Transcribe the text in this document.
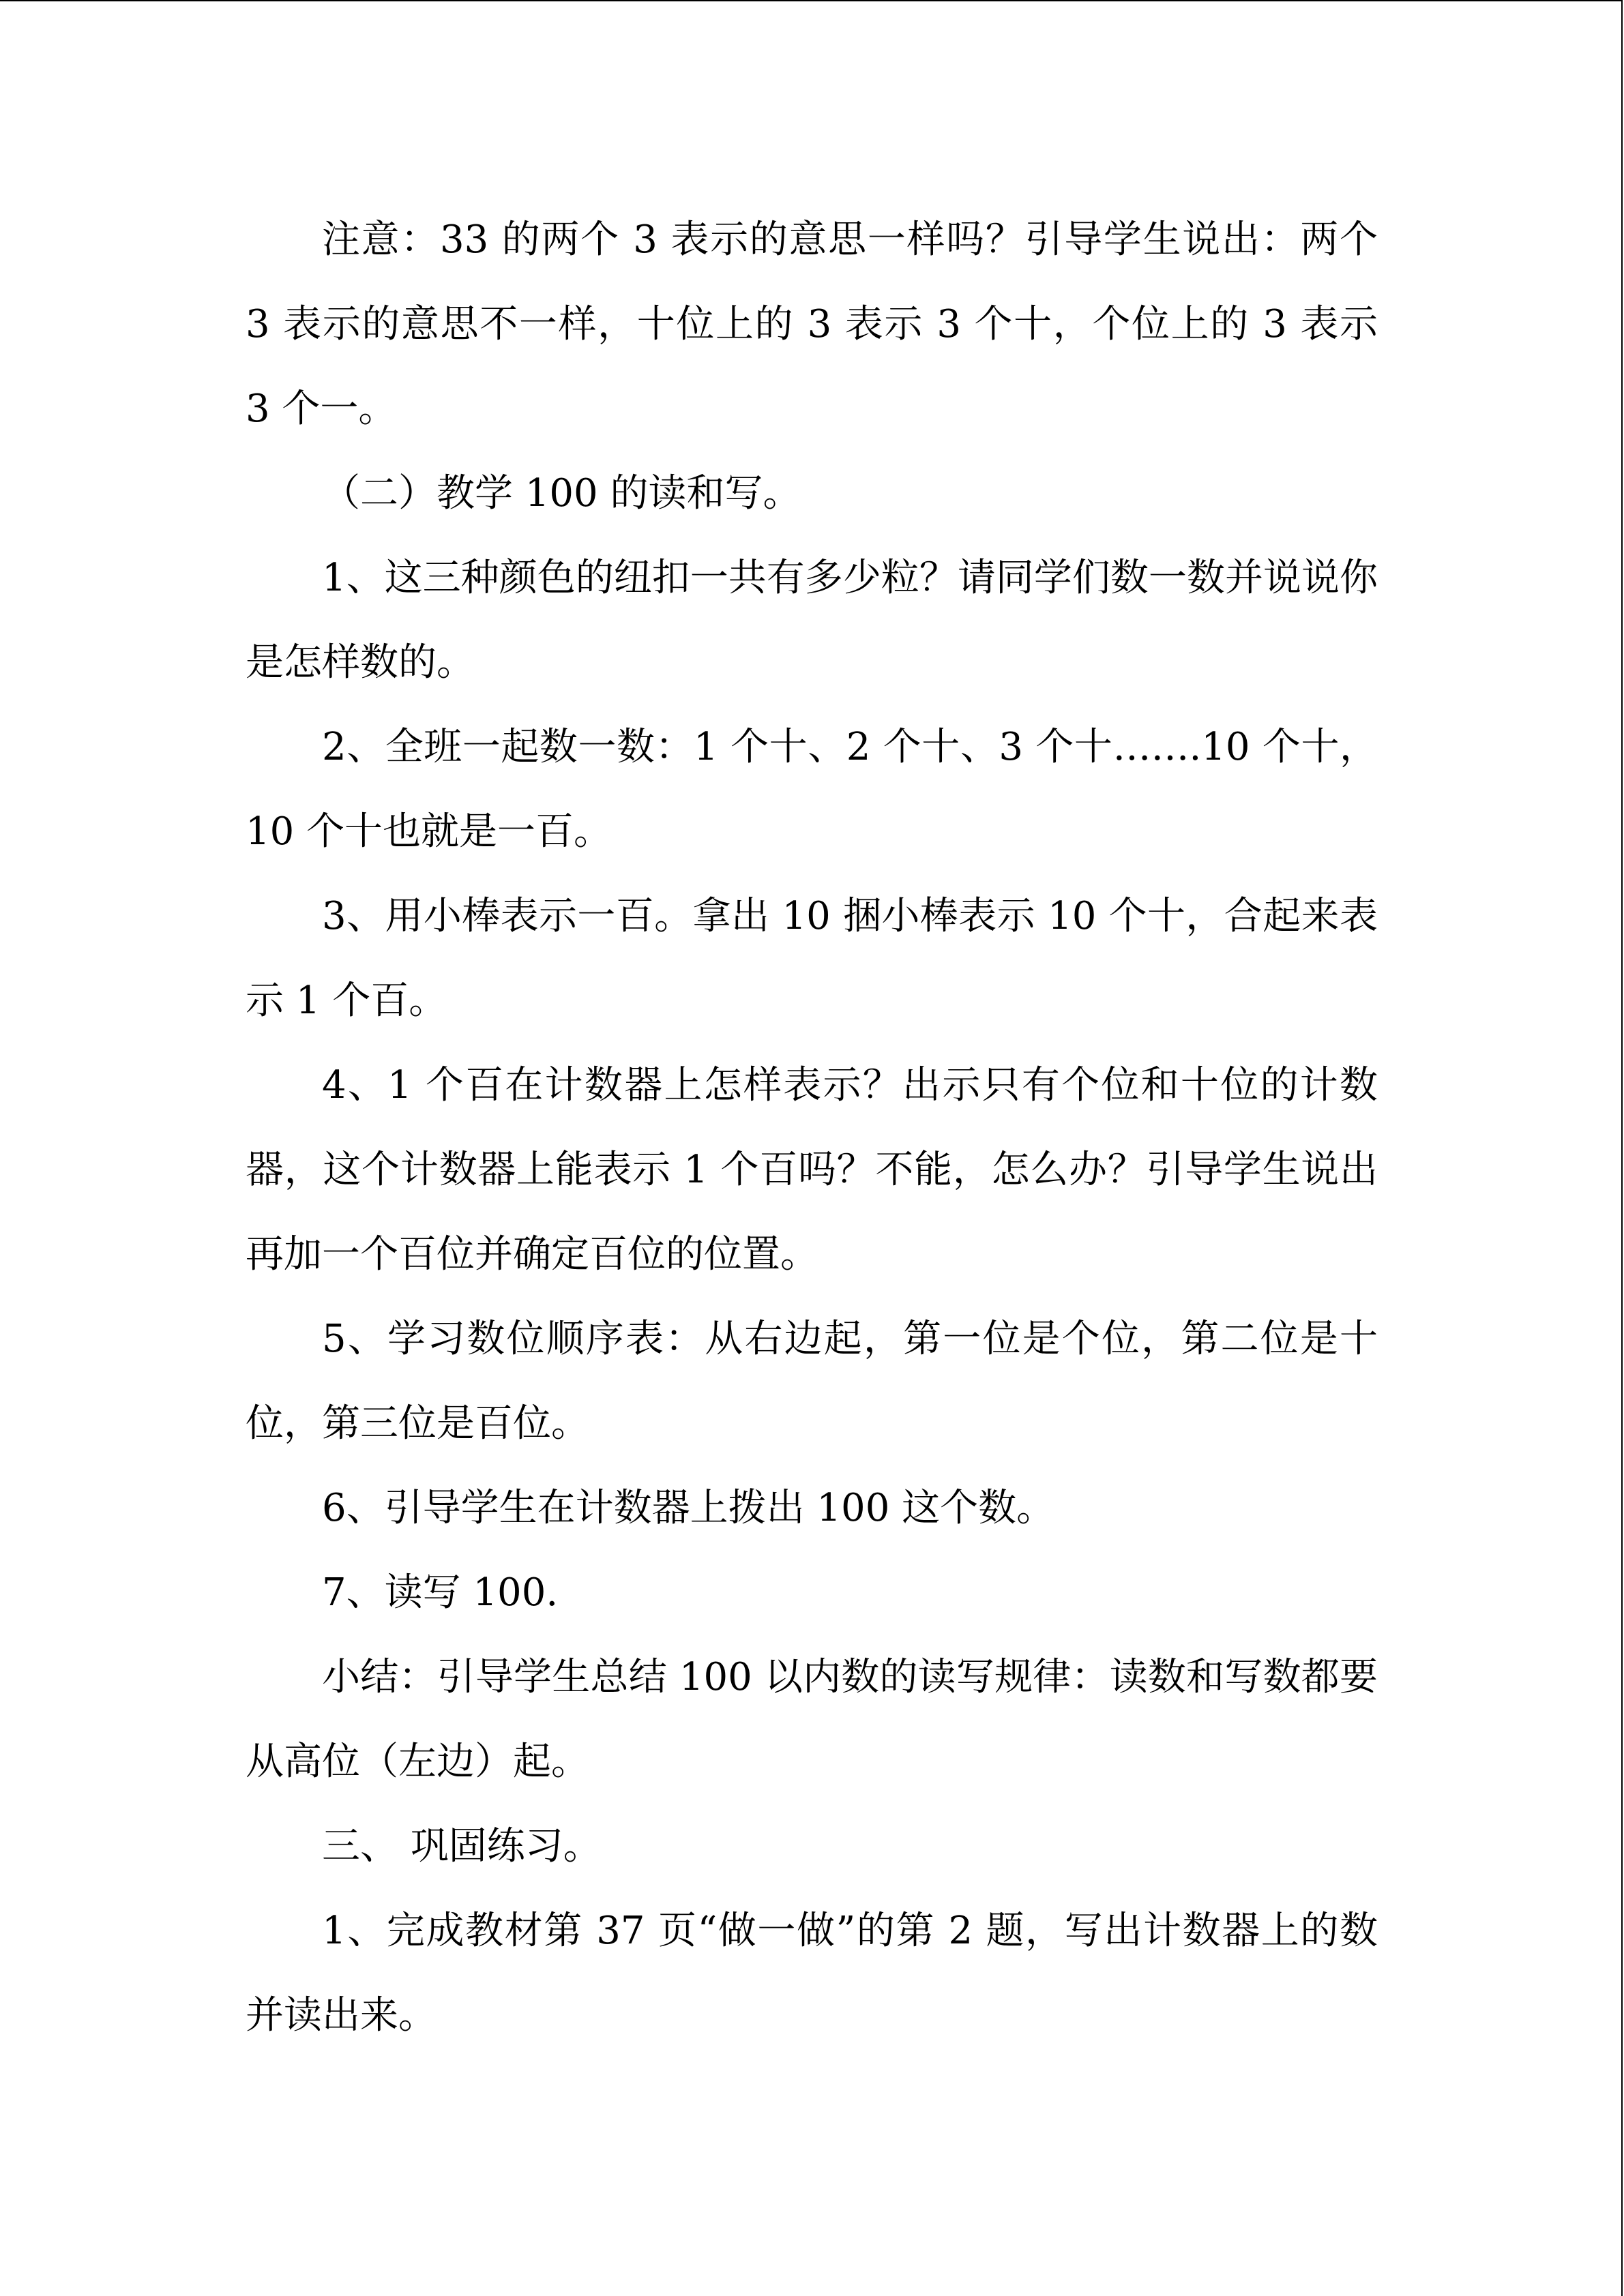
注意：33 的两个 3 表示的意思一样吗？引导学生说出：两个 3 表示的意思不一样，十位上的 3 表示 3 个十，个位上的 3 表示 3 个一。

（二）教学 100 的读和写。

1、这三种颜色的纽扣一共有多少粒？请同学们数一数并说说你是怎样数的。

2、全班一起数一数：1 个十、2 个十、3 个十…….10 个十，10 个十也就是一百。

3、用小棒表示一百。拿出 10 捆小棒表示 10 个十，合起来表示 1 个百。

4、1 个百在计数器上怎样表示？出示只有个位和十位的计数器，这个计数器上能表示 1 个百吗？不能，怎么办？引导学生说出再加一个百位并确定百位的位置。

5、学习数位顺序表：从右边起，第一位是个位，第二位是十位，第三位是百位。

6、引导学生在计数器上拨出 100 这个数。

7、读写 100.

小结：引导学生总结 100 以内数的读写规律：读数和写数都要从高位（左边）起。

三、 巩固练习。

1、完成教材第 37 页“做一做”的第 2 题，写出计数器上的数并读出来。
